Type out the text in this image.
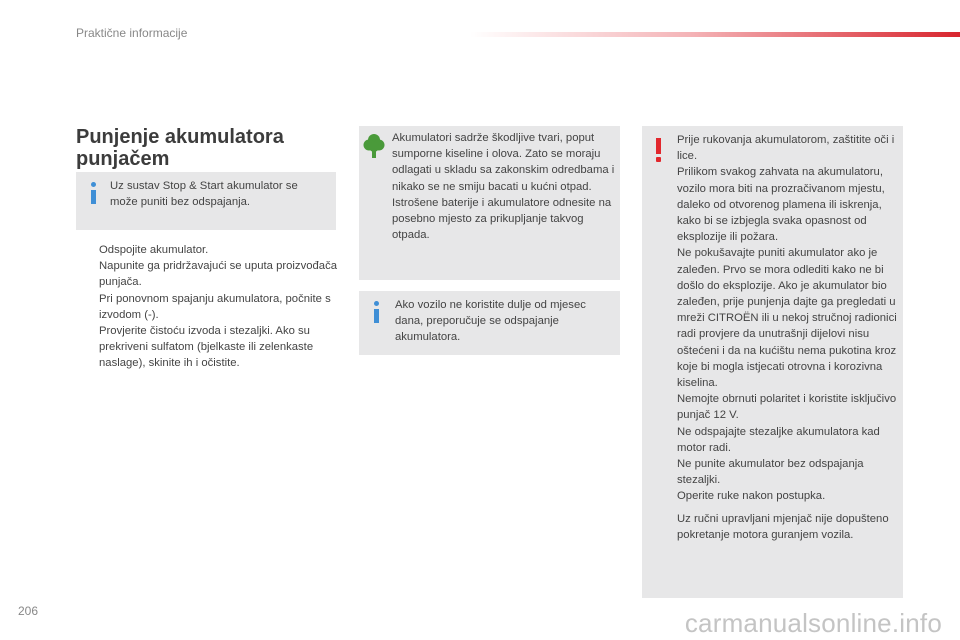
Praktične informacije
Punjenje akumulatora punjačem
Uz sustav Stop & Start akumulator se može puniti bez odspajanja.
Odspojite akumulator.
Napunite ga pridržavajući se uputa proizvođača punjača.
Pri ponovnom spajanju akumulatora, počnite s izvodom (-).
Provjerite čistoću izvoda i stezaljki. Ako su prekriveni sulfatom (bjelkaste ili zelenkaste naslage), skinite ih i očistite.
Akumulatori sadrže škodljive tvari, poput sumporne kiseline i olova. Zato se moraju odlagati u skladu sa zakonskim odredbama i nikako se ne smiju bacati u kućni otpad.
Istrošene baterije i akumulatore odnesite na posebno mjesto za prikupljanje takvog otpada.
Ako vozilo ne koristite dulje od mjesec dana, preporučuje se odspajanje akumulatora.

Prije rukovanja akumulatorom, zaštitite oči i lice.
Prilikom svakog zahvata na akumulatoru, vozilo mora biti na prozračivanom mjestu, daleko od otvorenog plamena ili iskrenja, kako bi se izbjegla svaka opasnost od eksplozije ili požara.
Ne pokušavajte puniti akumulator ako je zaleđen. Prvo se mora odlediti kako ne bi došlo do eksplozije. Ako je akumulator bio zaleđen, prije punjenja dajte ga pregledati u mreži CITROËN ili u nekoj stručnoj radionici radi provjere da unutrašnji dijelovi nisu oštećeni i da na kućištu nema pukotina kroz koje bi mogla istjecati otrovna i korozivna kiselina.
Nemojte obrnuti polaritet i koristite isključivo punjač 12 V.
Ne odspajajte stezaljke akumulatora kad motor radi.
Ne punite akumulator bez odspajanja stezaljki.
Operite ruke nakon postupka.

Uz ručni upravljani mjenjač nije dopušteno pokretanje motora guranjem vozila.

206	carmanualsonline.info
